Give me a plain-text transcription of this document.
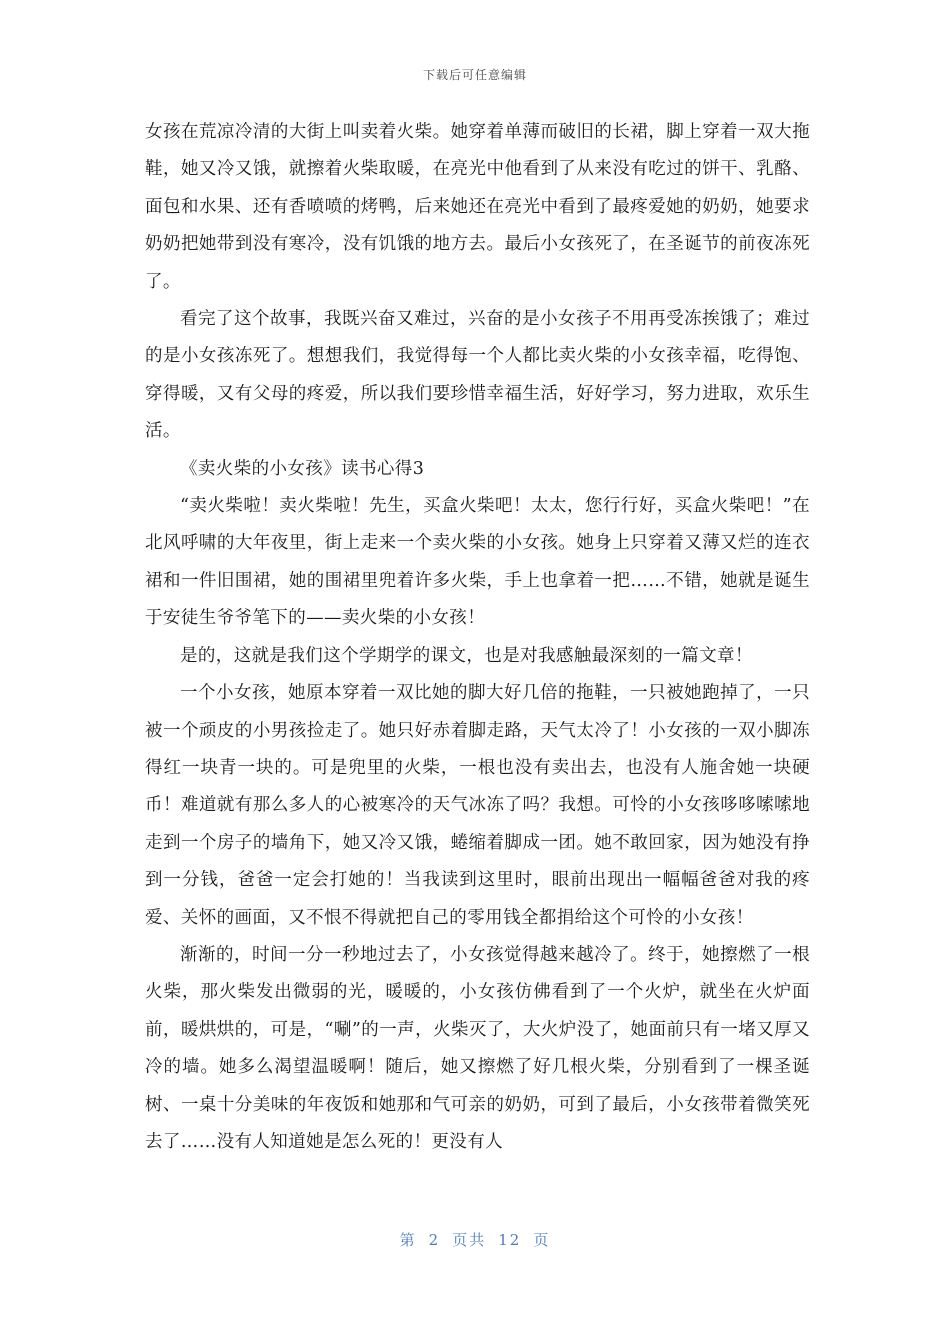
下载后可任意编辑

女孩在荒凉冷清的大街上叫卖着火柴。她穿着单薄而破旧的长裙，脚上穿着一双大拖鞋，她又冷又饿，就擦着火柴取暖，在亮光中他看到了从来没有吃过的饼干、乳酪、面包和水果、还有香喷喷的烤鸭，后来她还在亮光中看到了最疼爱她的奶奶，她要求奶奶把她带到没有寒冷，没有饥饿的地方去。最后小女孩死了，在圣诞节的前夜冻死了。

看完了这个故事，我既兴奋又难过，兴奋的是小女孩子不用再受冻挨饿了；难过的是小女孩冻死了。想想我们，我觉得每一个人都比卖火柴的小女孩幸福，吃得饱、穿得暖，又有父母的疼爱，所以我们要珍惜幸福生活，好好学习，努力进取，欢乐生活。

《卖火柴的小女孩》读书心得3

“卖火柴啦！卖火柴啦！先生，买盒火柴吧！太太，您行行好，买盒火柴吧！”在北风呼啸的大年夜里，街上走来一个卖火柴的小女孩。她身上只穿着又薄又烂的连衣裙和一件旧围裙，她的围裙里兜着许多火柴，手上也拿着一把……不错，她就是诞生于安徒生爷爷笔下的——卖火柴的小女孩！

是的，这就是我们这个学期学的课文，也是对我感触最深刻的一篇文章！

一个小女孩，她原本穿着一双比她的脚大好几倍的拖鞋，一只被她跑掉了，一只被一个顽皮的小男孩捡走了。她只好赤着脚走路，天气太冷了！小女孩的一双小脚冻得红一块青一块的。可是兜里的火柴，一根也没有卖出去，也没有人施舍她一块硬币！难道就有那么多人的心被寒冷的天气冰冻了吗？我想。可怜的小女孩哆哆嗦嗦地走到一个房子的墙角下，她又冷又饿，蜷缩着脚成一团。她不敢回家，因为她没有挣到一分钱，爸爸一定会打她的！当我读到这里时，眼前出现出一幅幅爸爸对我的疼爱、关怀的画面，又不恨不得就把自己的零用钱全都捐给这个可怜的小女孩！

渐渐的，时间一分一秒地过去了，小女孩觉得越来越冷了。终于，她擦燃了一根火柴，那火柴发出微弱的光，暖暖的，小女孩仿佛看到了一个火炉，就坐在火炉面前，暖烘烘的，可是，“唰”的一声，火柴灭了，大火炉没了，她面前只有一堵又厚又冷的墙。她多么渴望温暖啊！随后，她又擦燃了好几根火柴，分别看到了一棵圣诞树、一桌十分美味的年夜饭和她那和气可亲的奶奶，可到了最后，小女孩带着微笑死去了……没有人知道她是怎么死的！更没有人

第 2 页共 12 页
